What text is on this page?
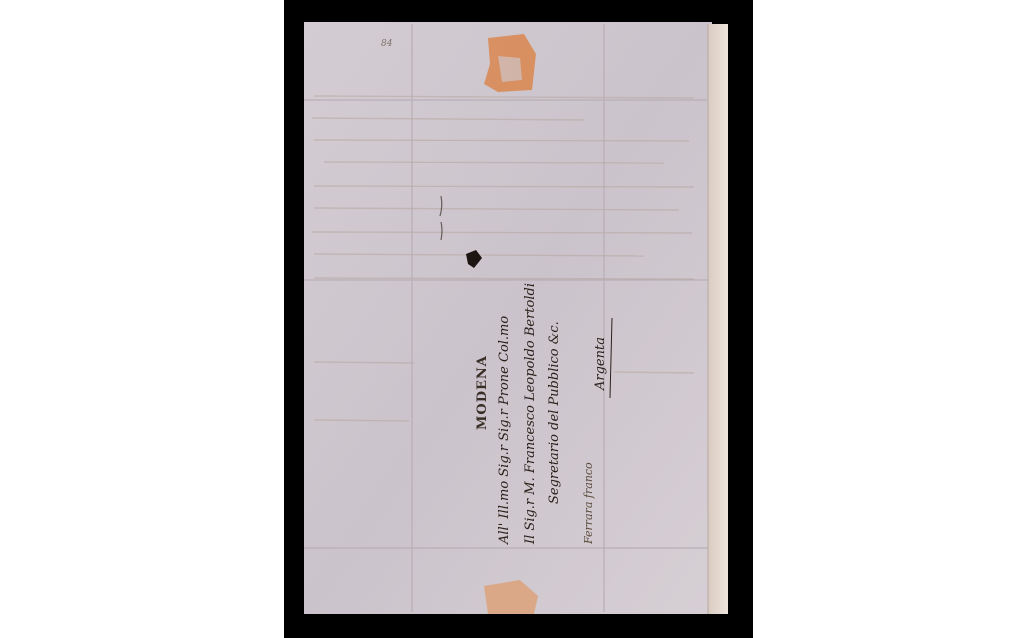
84
MODENA All' Ill.mo Sig.r Sig.r Prone Col.mo Il Sig.r M. Francesco Leopoldo Bertoldi Segretario del Pubblico &c. Ferrara franco
Argenta
